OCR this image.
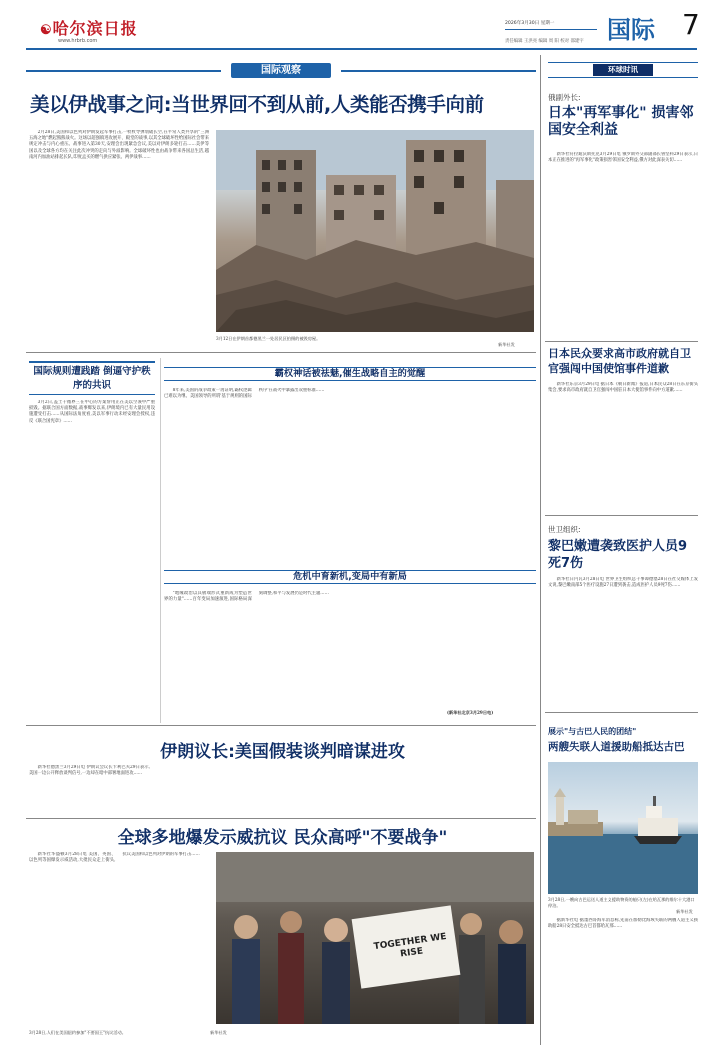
☯哈尔滨日报
www.hrbrb.com
2026年3月30日 星期一
责任编辑 王洪亮 编辑 周 阳 校对 邵建宇 国际 7
国际观察
美以伊战事之问:当世界回不到从前,人类能否携手向前

2月28日,美国和以色列对伊朗发起军事打击,一枚枚导弹划破长空,在平常人类共享的"三洲五海之地"燃起熊熊战火。这场以超强镇进攻展开、殿堂的战事,以其全球破坏性给国际社会带来规定冲击与内心重压。战事进入第30天,安理会出现紧急会议,美以对伊朗多轮打击……美伊等国以及全球各方均在关注此次冲突的走向与外溢影响。全球破坏性也由战争带来各国总生活,越南河内加油站排起长队,印度孟买的燃气供应紧张。两伊战事……

3月12日在伊朗首都德黑兰一处居民区拍摄的被毁房屋。
新华社发
国际规则遭践踏 倒逼守护秩序的共识

3月2日,盖土干循界三在中心的方案帮用正在美以空袭中严重损毁。据联合国方面数据,战事爆发以来,伊朗境内已有大量民用设施遭受打击……从国际法角度看,美以军事行动未经安理会授权,违反《联合国宪章》……

霸权神话被祛魅,催生战略自主的觉醒

8年来,美国的战争政策一再证明,霸权逻辑已难以为继。美国领导的所谓'基于规则的国际秩序'在战火中暴露出双重标准……

危机中育新机,变局中有新局

"地缘政治以其极端形式重新成为塑造世界的力量"……百年变局加速演进,国际格局深刻调整,和平与发展仍是时代主题……

(新华社北京3月29日电)
伊朗议长:美国假装谈判暗谋进攻

新华社德黑兰3月29日电 伊朗议会议长卡利巴夫29日表示,美国一边公开释放谈判信号,一边却在暗中部署地面进攻……

全球多地爆发示威抗议 民众高呼"不要战争"

新华社华盛顿3月28日电 美国、英国、以色列等国爆发示威活动,大批民众走上街头,抗议美国和以色列对伊朗的军事打击……

TOGETHER WE RISE
3月28日,人们在美国纽约参加"不要国王"抗议活动。	新华社发
环球时讯
俄副外长:
日本"再军事化" 损害邻国安全利益

新华社符拉迪沃斯托克3月29日电 俄罗斯外交部副部长鲁坚科29日表示,日本正在推进的"再军事化"政策损害邻国安全利益,俄方对此深表关切……

日本民众要求高市政府就自卫官强闯中国使馆事件道歉

新华社东京3月29日电 据日本《朝日新闻》报道,日本民众28日在东京街头集会,要求高市政府就自卫官强闯中国驻日本大使馆事件向中方道歉……

世卫组织:
黎巴嫩遭袭致医护人员9死7伤

新华社日内瓦3月28日电 世界卫生组织总干事谭德塞28日在社交媒体上发文说,黎巴嫩南部5个医疗设施27日遭到袭击,造成医护人员9死7伤……

展示"与古巴人民的团结"
两艘失联人道援助船抵达古巴
3月28日,一艘向古巴运送人道主义援助物资的船只(左)在哈瓦那的维尔十大港口停泊。
新华社发

据新华社电 据墨西哥海军消息称,先前在加勒比海域失联的两艘人道主义援助船28日安全抵达古巴首都哈瓦那……
